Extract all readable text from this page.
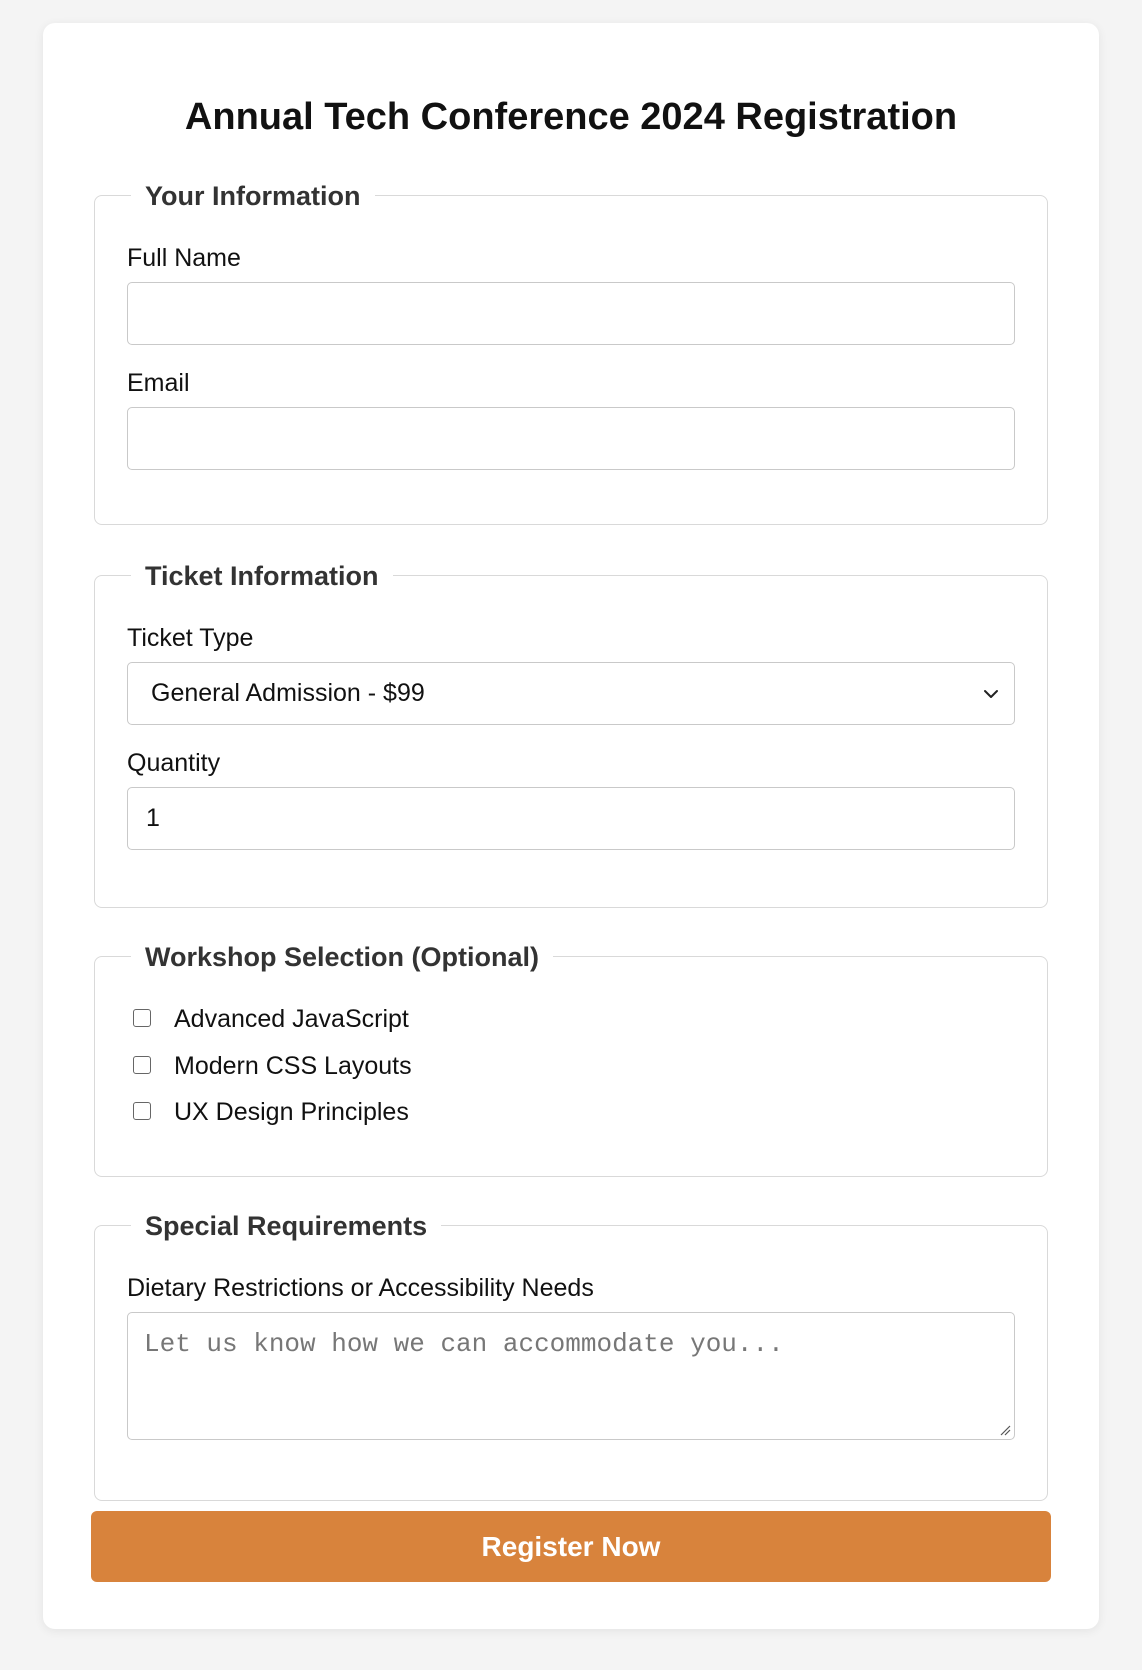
Annual Tech Conference 2024 Registration
Your Information
Full Name
Email
Ticket Information
Ticket Type
General Admission - $99
Quantity
1
Workshop Selection (Optional)
Advanced JavaScript
Modern CSS Layouts
UX Design Principles
Special Requirements
Dietary Restrictions or Accessibility Needs
Let us know how we can accommodate you...
Register Now
